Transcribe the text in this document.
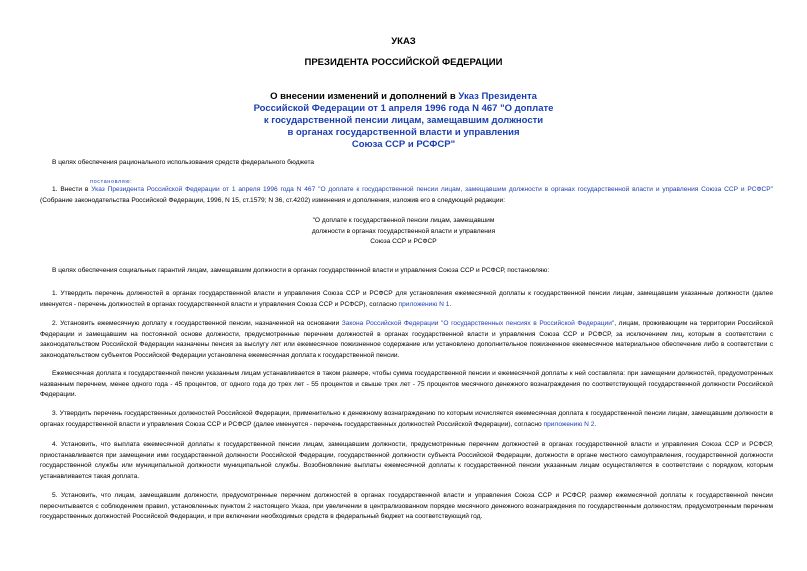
УКАЗ
ПРЕЗИДЕНТА РОССИЙСКОЙ ФЕДЕРАЦИИ
О внесении изменений и дополнений в Указ Президента
Российской Федерации от 1 апреля 1996 года N 467 "О доплате
к государственной пенсии лицам, замещавшим должности
в органах государственной власти и управления
Союза ССР и РСФСР"
В целях обеспечения рационального использования средств федерального бюджета
постановляю:
1. Внести в Указ Президента Российской Федерации от 1 апреля 1996 года N 467 "О доплате к государственной пенсии лицам, замещавшим должности в органах государственной власти и управления Союза ССР и РСФСР" (Собрание законодательства Российской Федерации, 1996, N 15, ст.1579; N 36, ст.4202) изменения и дополнения, изложив его в следующей редакции:
"О доплате к государственной пенсии лицам, замещавшим
должности в органах государственной власти и управления
Союза ССР и РСФСР
В целях обеспечения социальных гарантий лицам, замещавшим должности в органах государственной власти и управления Союза ССР и РСФСР, постановляю:
1. Утвердить перечень должностей в органах государственной власти и управления Союза ССР и РСФСР для установления ежемесячной доплаты к государственной пенсии лицам, замещавшим указанные должности (далее именуется - перечень должностей в органах государственной власти и управления Союза ССР и РСФСР), согласно приложению N 1.
2. Установить ежемесячную доплату к государственной пенсии, назначенной на основании Закона Российской Федерации "О государственных пенсиях в Российской Федерации", лицам, проживающим на территории Российской Федерации и замещавшим на постоянной основе должности, предусмотренные перечнем должностей в органах государственной власти и управления Союза ССР и РСФСР, за исключением лиц, которым в соответствии с законодательством Российской Федерации назначены пенсия за выслугу лет или ежемесячное пожизненное содержание или установлено дополнительное пожизненное ежемесячное материальное обеспечение либо в соответствии с законодательством субъектов Российской Федерации установлена ежемесячная доплата к государственной пенсии.
Ежемесячная доплата к государственной пенсии указанным лицам устанавливается в таком размере, чтобы сумма государственной пенсии и ежемесячной доплаты к ней составляла: при замещении должностей, предусмотренных названным перечнем, менее одного года - 45 процентов, от одного года до трех лет - 55 процентов и свыше трех лет - 75 процентов месячного денежного вознаграждения по соответствующей государственной должности Российской Федерации.
3. Утвердить перечень государственных должностей Российской Федерации, применительно к денежному вознаграждению по которым исчисляется ежемесячная доплата к государственной пенсии лицам, замещавшим должности в органах государственной власти и управления Союза ССР и РСФСР (далее именуется - перечень государственных должностей Российской Федерации), согласно приложению N 2.
4. Установить, что выплата ежемесячной доплаты к государственной пенсии лицам, замещавшим должности, предусмотренные перечнем должностей в органах государственной власти и управления Союза ССР и РСФСР, приостанавливается при замещении ими государственной должности Российской Федерации, государственной должности субъекта Российской Федерации, должности в органе местного самоуправления, государственной должности государственной службы или муниципальной должности муниципальной службы. Возобновление выплаты ежемесячной доплаты к государственной пенсии указанным лицам осуществляется в соответствии с порядком, которым устанавливается такая доплата.
5. Установить, что лицам, замещавшим должности, предусмотренные перечнем должностей в органах государственной власти и управления Союза ССР и РСФСР, размер ежемесячной доплаты к государственной пенсии пересчитывается с соблюдением правил, установленных пунктом 2 настоящего Указа, при увеличении в централизованном порядке месячного денежного вознаграждения по государственным должностям, предусмотренным перечнем государственных должностей Российской Федерации, и при включении необходимых средств в федеральный бюджет на соответствующий год.
